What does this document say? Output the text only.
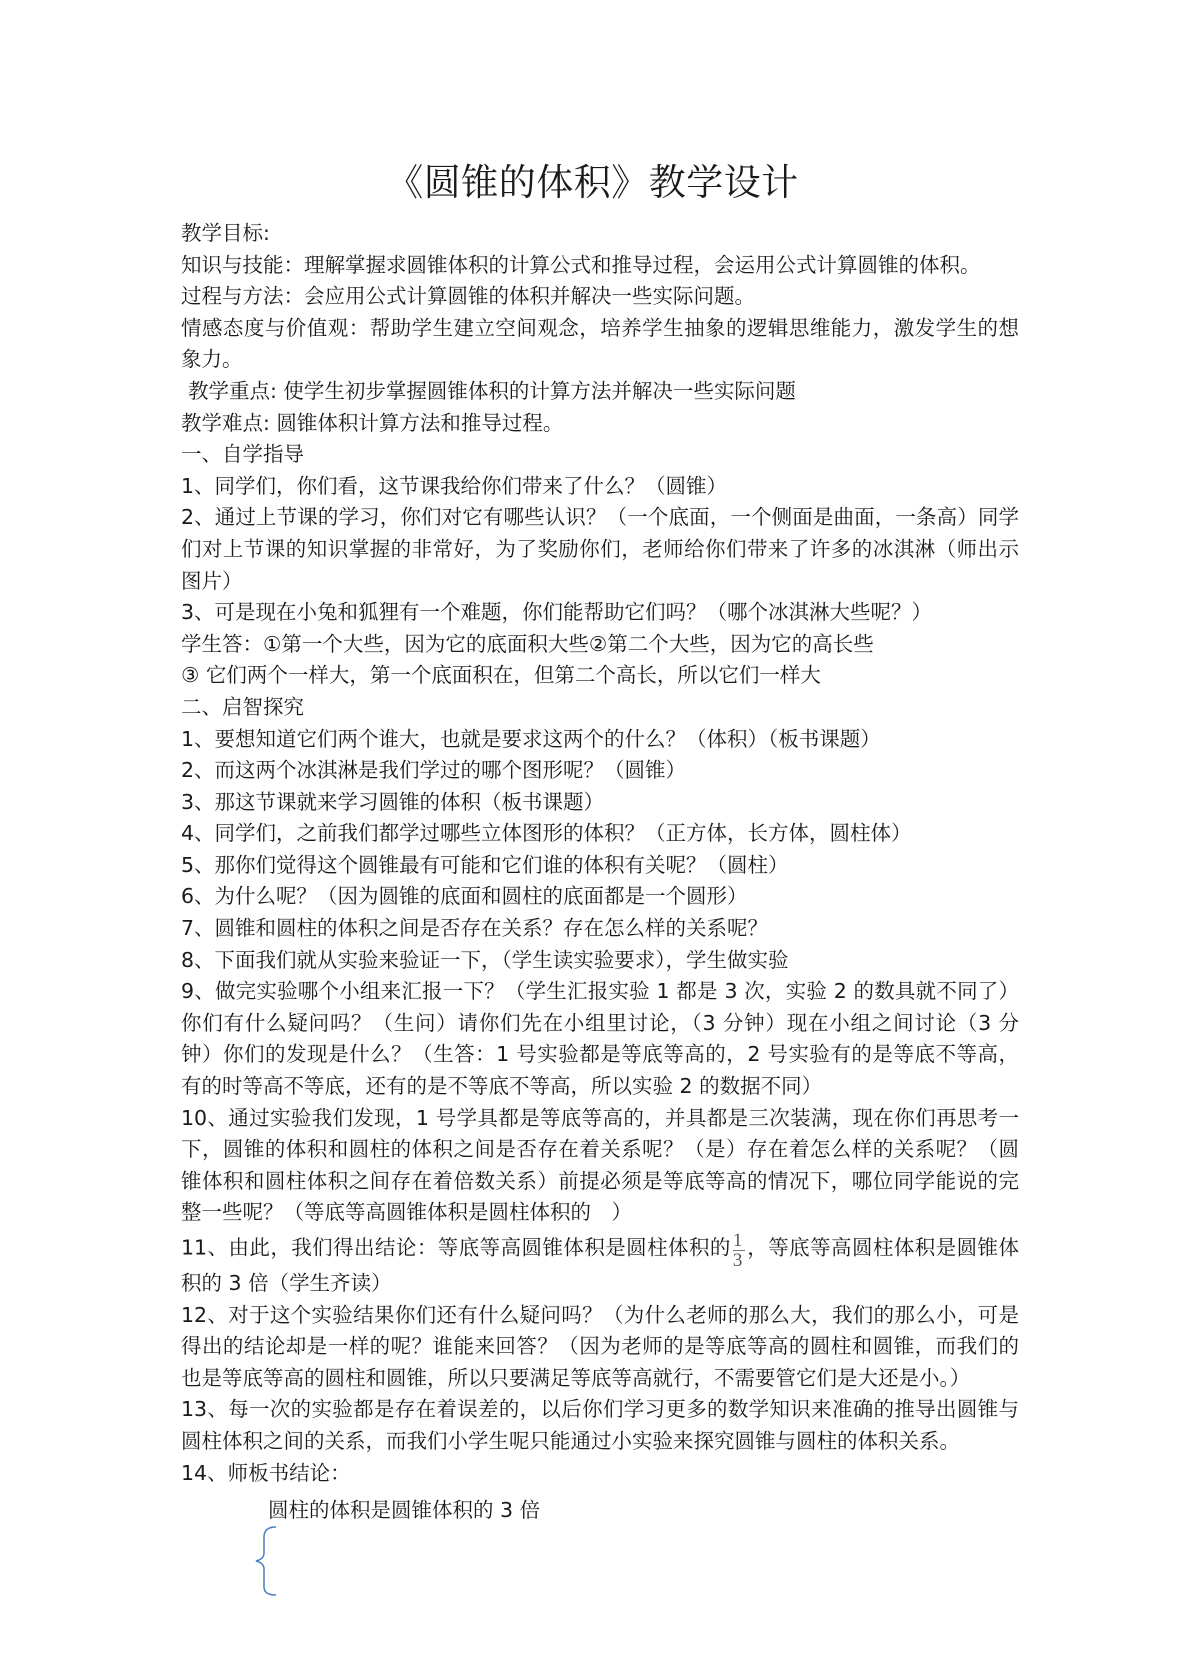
《圆锥的体积》教学设计
教学目标:
知识与技能：理解掌握求圆锥体积的计算公式和推导过程，会运用公式计算圆锥的体积。
过程与方法：会应用公式计算圆锥的体积并解决一些实际问题。
情感态度与价值观：帮助学生建立空间观念，培养学生抽象的逻辑思维能力，激发学生的想象力。
教学重点: 使学生初步掌握圆锥体积的计算方法并解决一些实际问题
教学难点: 圆锥体积计算方法和推导过程。
一、自学指导
1、同学们，你们看，这节课我给你们带来了什么？（圆锥）
2、通过上节课的学习，你们对它有哪些认识？（一个底面，一个侧面是曲面，一条高）同学们对上节课的知识掌握的非常好，为了奖励你们，老师给你们带来了许多的冰淇淋（师出示图片）
3、可是现在小兔和狐狸有一个难题，你们能帮助它们吗？（哪个冰淇淋大些呢？）
学生答：①第一个大些，因为它的底面积大些②第二个大些，因为它的高长些
③ 它们两个一样大，第一个底面积在，但第二个高长，所以它们一样大
二、启智探究
1、要想知道它们两个谁大，也就是要求这两个的什么？（体积）（板书课题）
2、而这两个冰淇淋是我们学过的哪个图形呢？（圆锥）
3、那这节课就来学习圆锥的体积（板书课题）
4、同学们，之前我们都学过哪些立体图形的体积？（正方体，长方体，圆柱体）
5、那你们觉得这个圆锥最有可能和它们谁的体积有关呢？（圆柱）
6、为什么呢？（因为圆锥的底面和圆柱的底面都是一个圆形）
7、圆锥和圆柱的体积之间是否存在关系？存在怎么样的关系呢？
8、下面我们就从实验来验证一下，（学生读实验要求），学生做实验
9、做完实验哪个小组来汇报一下？（学生汇报实验 1 都是 3 次，实验 2 的数具就不同了）你们有什么疑问吗？（生问）请你们先在小组里讨论，（3 分钟）现在小组之间讨论（3 分钟）你们的发现是什么？（生答：1 号实验都是等底等高的，2 号实验有的是等底不等高，有的时等高不等底，还有的是不等底不等高，所以实验 2 的数据不同）
10、通过实验我们发现，1 号学具都是等底等高的，并具都是三次装满，现在你们再思考一下，圆锥的体积和圆柱的体积之间是否存在着关系呢？（是）存在着怎么样的关系呢？（圆锥体积和圆柱体积之间存在着倍数关系）前提必须是等底等高的情况下，哪位同学能说的完整一些呢？（等底等高圆锥体积是圆柱体积的　）
11、由此，我们得出结论：等底等高圆锥体积是圆柱体积的 $\frac{1}{3}$ ，等底等高圆柱体积是圆锥体积的 3 倍（学生齐读）
12、对于这个实验结果你们还有什么疑问吗？（为什么老师的那么大，我们的那么小，可是得出的结论却是一样的呢？谁能来回答？（因为老师的是等底等高的圆柱和圆锥，而我们的也是等底等高的圆柱和圆锥，所以只要满足等底等高就行，不需要管它们是大还是小。）
13、每一次的实验都是存在着误差的，以后你们学习更多的数学知识来准确的推导出圆锥与圆柱体积之间的关系，而我们小学生呢只能通过小实验来探究圆锥与圆柱的体积关系。
14、师板书结论：
圆柱的体积是圆锥体积的 3 倍
